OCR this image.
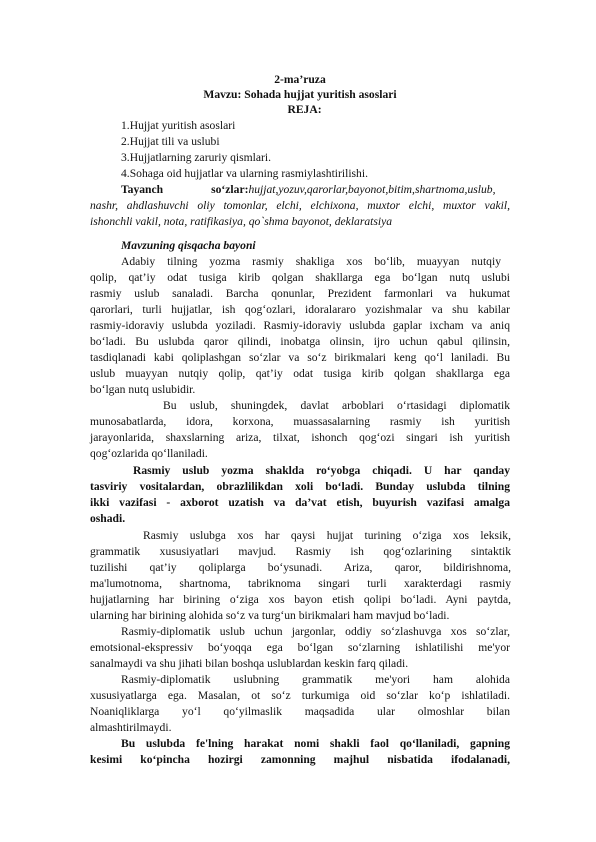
2-ma’ruza
Mavzu: Sohada hujjat yuritish asoslari
REJA:
1.Hujjat yuritish asoslari
2.Hujjat tili va uslubi
3.Hujjatlarning zaruriy qismlari.
4.Sohaga oid hujjatlar va ularning rasmiylashtirilishi.
Tayanch	so‘zlar:hujjat,yozuv,qarorlar,bayonot,bitim,shartnoma,uslub,
nashr, ahdlashuvchi oliy tomonlar, elchi, elchixona, muxtor elchi, muxtor vakil,
ishonchli vakil, nota, ratifikasiya, qo`shma bayonot, deklaratsiya
Mavzuning qisqacha bayoni
Adabiy tilning yozma rasmiy shakliga xos bo‘lib, muayyan nutqiy
qolip, qat’iy odat tusiga kirib qolgan shakllarga ega bo‘lgan nutq uslubi
rasmiy uslub sanaladi. Barcha qonunlar, Prezident farmonlari va hukumat
qarorlari, turli hujjatlar, ish qog‘ozlari, idoralararo yozishmalar va shu kabilar
rasmiy-idoraviy uslubda yoziladi. Rasmiy-idoraviy uslubda gaplar ixcham va aniq
bo‘ladi. Bu uslubda qaror qilindi, inobatga olinsin, ijro uchun qabul qilinsin,
tasdiqlanadi kabi qoliplashgan so‘zlar va so‘z birikmalari keng qo‘l laniladi. Bu
uslub muayyan nutqiy qolip, qat’iy odat tusiga kirib qolgan shakllarga ega
bo‘lgan nutq uslubidir.
Bu uslub, shuningdek, davlat arboblari o‘rtasidagi diplomatik
munosabatlarda, idora, korxona, muassasalarning rasmiy ish yuritish
jarayonlarida, shaxslarning ariza, tilxat, ishonch qog‘ozi singari ish yuritish
qog‘ozlarida qo‘llaniladi.
Rasmiy uslub yozma shaklda ro‘yobga chiqadi. U har qanday
tasviriy vositalardan, obrazlilikdan xoli bo‘ladi. Bunday uslubda tilning
ikki vazifasi - axborot uzatish va da’vat etish, buyurish vazifasi amalga
oshadi.
Rasmiy uslubga xos har qaysi hujjat turining o‘ziga xos leksik,
grammatik xususiyatlari mavjud. Rasmiy ish qog‘ozlarining sintaktik
tuzilishi qat’iy qoliplarga bo‘ysunadi. Ariza, qaror, bildirishnoma,
ma'lumotnoma, shartnoma, tabriknoma singari turli xarakterdagi rasmiy
hujjatlarning har birining o‘ziga xos bayon etish qolipi bo‘ladi. Ayni paytda,
ularning har birining alohida so‘z va turg‘un birikmalari ham mavjud bo‘ladi.
Rasmiy-diplomatik uslub uchun jargonlar, oddiy so‘zlashuvga xos so‘zlar,
emotsional-ekspressiv bo‘yoqqa ega bo‘lgan so‘zlarning ishlatilishi me'yor
sanalmaydi va shu jihati bilan boshqa uslublardan keskin farq qiladi.
Rasmiy-diplomatik uslubning grammatik me'yori ham alohida
xususiyatlarga ega. Masalan, ot so‘z turkumiga oid so‘zlar ko‘p ishlatiladi.
Noaniqliklarga yo‘l qo‘yilmaslik maqsadida ular olmoshlar bilan
almashtirilmaydi.
Bu uslubda fe'lning harakat nomi shakli faol qo‘llaniladi, gapning
kesimi ko‘pincha hozirgi zamonning majhul nisbatida ifodalanadi,
